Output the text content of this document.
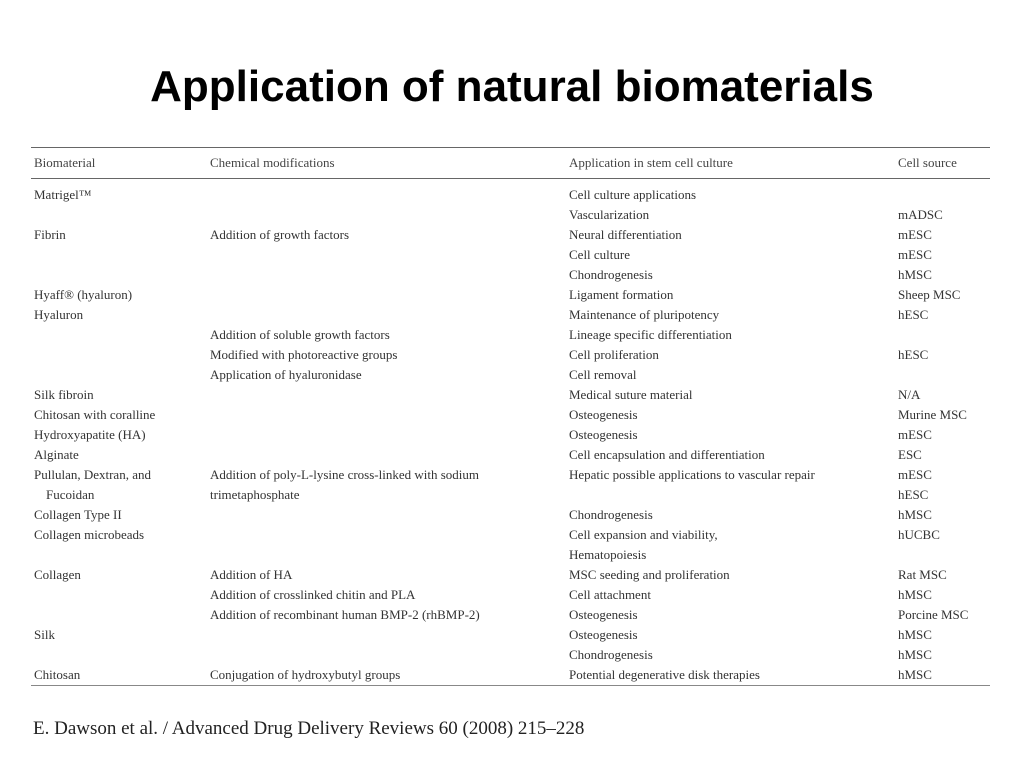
Application of natural biomaterials
Biomaterial	Chemical modifications	Application in stem cell culture	Cell source
Matrigel™		Cell culture applications	
		Vascularization	mADSC
Fibrin	Addition of growth factors	Neural differentiation	mESC
		Cell culture	mESC
		Chondrogenesis	hMSC
Hyaff® (hyaluron)		Ligament formation	Sheep MSC
Hyaluron		Maintenance of pluripotency	hESC
	Addition of soluble growth factors	Lineage specific differentiation	
	Modified with photoreactive groups	Cell proliferation	hESC
	Application of hyaluronidase	Cell removal	
Silk fibroin		Medical suture material	N/A
Chitosan with coralline		Osteogenesis	Murine MSC
Hydroxyapatite (HA)		Osteogenesis	mESC
Alginate		Cell encapsulation and differentiation	ESC
Pullulan, Dextran, and	Addition of poly-L-lysine cross-linked with sodium	Hepatic possible applications to vascular repair	mESC
Fucoidan	trimetaphosphate		hESC
Collagen Type II		Chondrogenesis	hMSC
Collagen microbeads		Cell expansion and viability,	hUCBC
		Hematopoiesis	
Collagen	Addition of HA	MSC seeding and proliferation	Rat MSC
	Addition of crosslinked chitin and PLA	Cell attachment	hMSC
	Addition of recombinant human BMP-2 (rhBMP-2)	Osteogenesis	Porcine MSC
Silk		Osteogenesis	hMSC
		Chondrogenesis	hMSC
Chitosan	Conjugation of hydroxybutyl groups	Potential degenerative disk therapies	hMSC
E. Dawson et al. / Advanced Drug Delivery Reviews 60 (2008) 215–228
